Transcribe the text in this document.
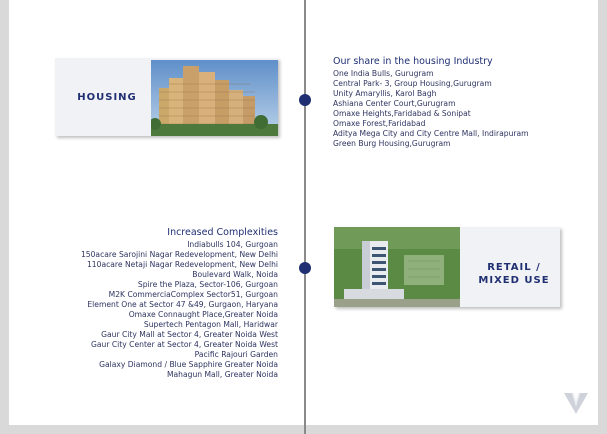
HOUSING
Our share in the housing Industry
One India Bulls, Gurugram
Central Park- 3, Group Housing,Gurugram
Unity Amaryllis, Karol Bagh
Ashiana Center Court,Gurugram
Omaxe Heights,Faridabad & Sonipat
Omaxe Forest,Faridabad
Aditya Mega City and City Centre Mall, Indirapuram
Green Burg Housing,Gurugram
RETAIL /
MIXED USE
Increased Complexities
Indiabulls 104, Gurgoan
150acare Sarojini Nagar Redevelopment, New Delhi
110acare Netaji Nagar Redevelopment, New Delhi
Boulevard Walk, Noida
Spire the Plaza, Sector-106, Gurgoan
M2K CommerciaComplex Sector51, Gurgoan
Element One at Sector 47 &49, Gurgaon, Haryana
Omaxe Connaught Place,Greater Noida
Supertech Pentagon Mall, Haridwar
Gaur City Mall at Sector 4, Greater Noida West
Gaur City Center at Sector 4, Greater Noida West
Pacific Rajouri Garden
Galaxy Diamond / Blue Sapphire Greater Noida
Mahagun Mall, Greater Noida
